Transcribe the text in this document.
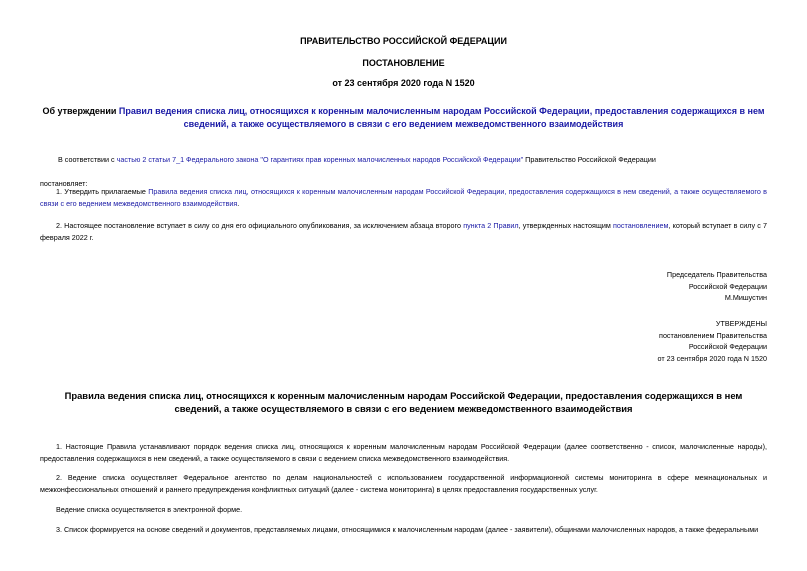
ПРАВИТЕЛЬСТВО РОССИЙСКОЙ ФЕДЕРАЦИИ
ПОСТАНОВЛЕНИЕ
от 23 сентября 2020 года N 1520
Об утверждении Правил ведения списка лиц, относящихся к коренным малочисленным народам Российской Федерации, предоставления содержащихся в нем сведений, а также осуществляемого в связи с его ведением межведомственного взаимодействия
В соответствии с частью 2 статьи 7_1 Федерального закона "О гарантиях прав коренных малочисленных народов Российской Федерации" Правительство Российской Федерации
постановляет:
1. Утвердить прилагаемые Правила ведения списка лиц, относящихся к коренным малочисленным народам Российской Федерации, предоставления содержащихся в нем сведений, а также осуществляемого в связи с его ведением межведомственного взаимодействия.
2. Настоящее постановление вступает в силу со дня его официального опубликования, за исключением абзаца второго пункта 2 Правил, утвержденных настоящим постановлением, который вступает в силу с 7 февраля 2022 г.
Председатель Правительства
Российской Федерации
М.Мишустин
УТВЕРЖДЕНЫ
постановлением Правительства
Российской Федерации
от 23 сентября 2020 года N 1520
Правила ведения списка лиц, относящихся к коренным малочисленным народам Российской Федерации, предоставления содержащихся в нем сведений, а также осуществляемого в связи с его ведением межведомственного взаимодействия
1. Настоящие Правила устанавливают порядок ведения списка лиц, относящихся к коренным малочисленным народам Российской Федерации (далее соответственно - список, малочисленные народы), предоставления содержащихся в нем сведений, а также осуществляемого в связи с ведением списка межведомственного взаимодействия.
2. Ведение списка осуществляет Федеральное агентство по делам национальностей с использованием государственной информационной системы мониторинга в сфере межнациональных и межконфессиональных отношений и раннего предупреждения конфликтных ситуаций (далее - система мониторинга) в целях предоставления государственных услуг.
Ведение списка осуществляется в электронной форме.
3. Список формируется на основе сведений и документов, представляемых лицами, относящимися к малочисленным народам (далее - заявители), общинами малочисленных народов, а также федеральными
